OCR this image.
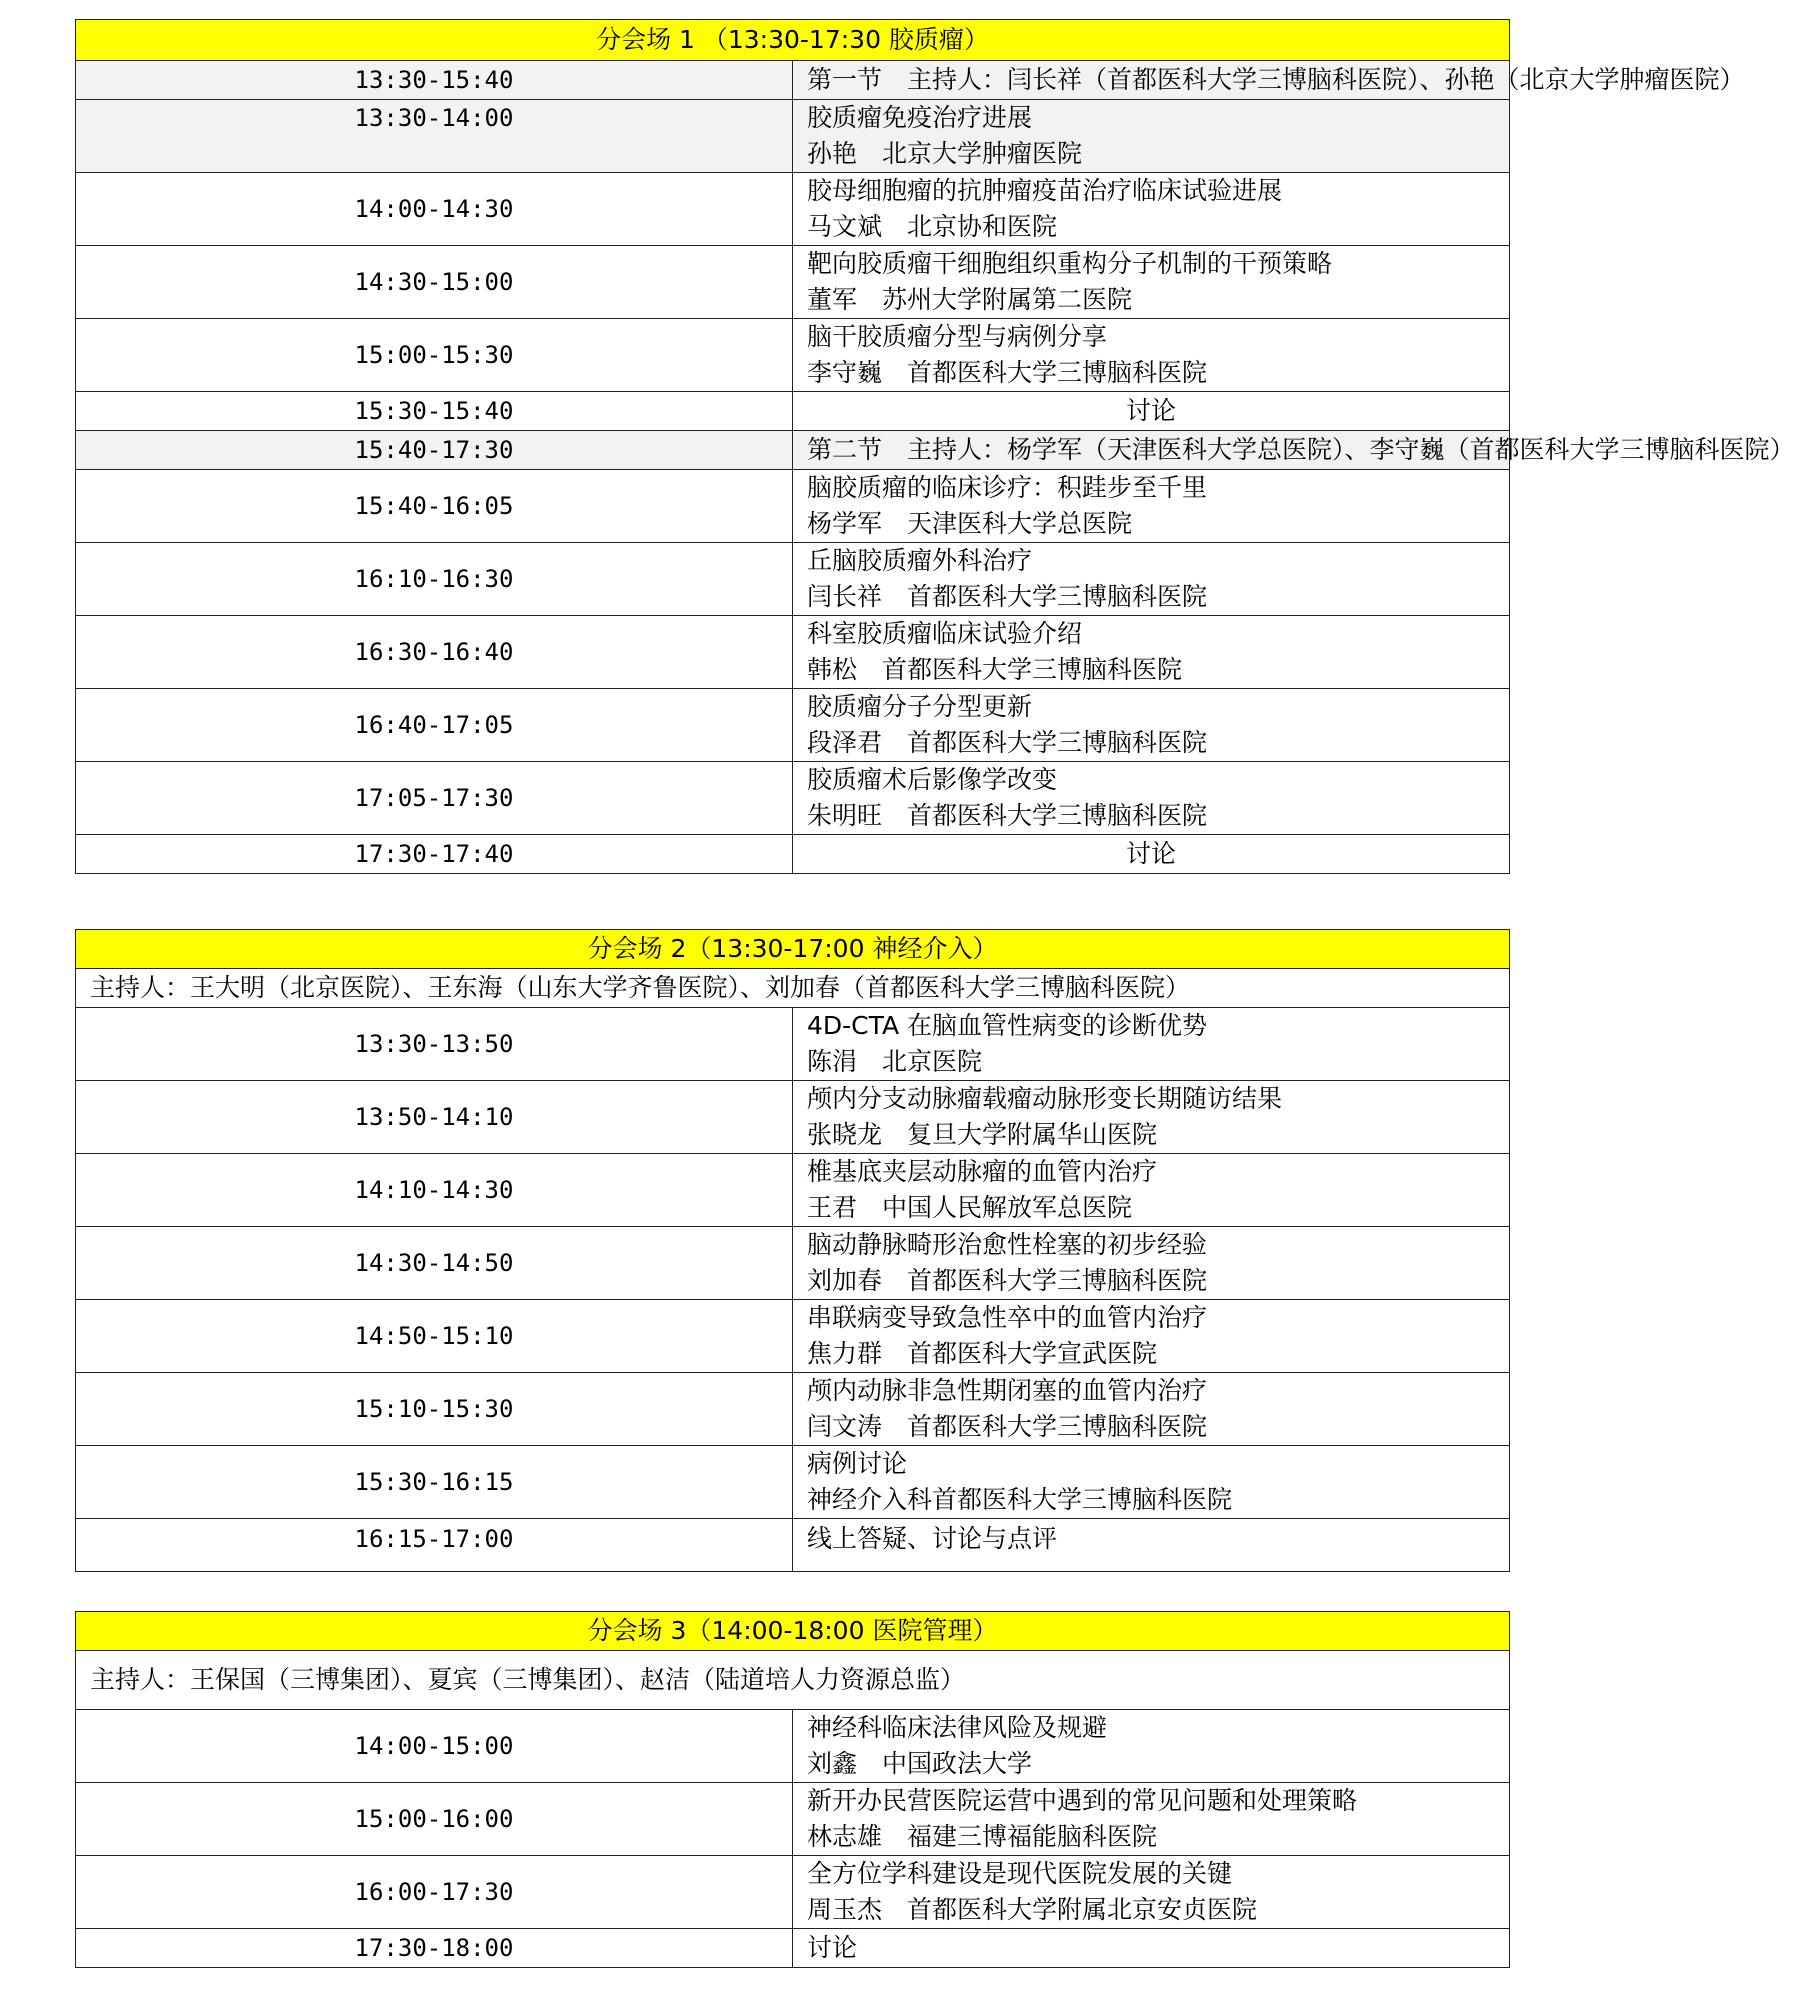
分会场 1 （13:30-17:30 胶质瘤）	
13:30-15:40	第一节　主持人：闫长祥（首都医科大学三博脑科医院）、孙艳（北京大学肿瘤医院）
13:30-14:00	胶质瘤免疫治疗进展
孙艳　北京大学肿瘤医院

14:00-14:30	胶母细胞瘤的抗肿瘤疫苗治疗临床试验进展
马文斌　北京协和医院

14:30-15:00	靶向胶质瘤干细胞组织重构分子机制的干预策略
董军　苏州大学附属第二医院

15:00-15:30	脑干胶质瘤分型与病例分享
李守巍　首都医科大学三博脑科医院

15:30-15:40	讨论
15:40-17:30	第二节　主持人：杨学军（天津医科大学总医院）、李守巍（首都医科大学三博脑科医院）
15:40-16:05	脑胶质瘤的临床诊疗：积跬步至千里
杨学军　天津医科大学总医院

16:10-16:30	丘脑胶质瘤外科治疗
闫长祥　首都医科大学三博脑科医院

16:30-16:40	科室胶质瘤临床试验介绍
韩松　首都医科大学三博脑科医院

16:40-17:05	胶质瘤分子分型更新
段泽君　首都医科大学三博脑科医院

17:05-17:30	胶质瘤术后影像学改变
朱明旺　首都医科大学三博脑科医院

17:30-17:40	讨论
分会场 2（13:30-17:00 神经介入）	
主持人：王大明（北京医院）、王东海（山东大学齐鲁医院）、刘加春（首都医科大学三博脑科医院）	
13:30-13:50	4D-CTA 在脑血管性病变的诊断优势
陈涓　北京医院

13:50-14:10	颅内分支动脉瘤载瘤动脉形变长期随访结果
张晓龙　复旦大学附属华山医院

14:10-14:30	椎基底夹层动脉瘤的血管内治疗
王君　中国人民解放军总医院

14:30-14:50	脑动静脉畸形治愈性栓塞的初步经验
刘加春　首都医科大学三博脑科医院

14:50-15:10	串联病变导致急性卒中的血管内治疗
焦力群　首都医科大学宣武医院

15:10-15:30	颅内动脉非急性期闭塞的血管内治疗
闫文涛　首都医科大学三博脑科医院

15:30-16:15	病例讨论
神经介入科首都医科大学三博脑科医院

16:15-17:00	线上答疑、讨论与点评
分会场 3（14:00-18:00 医院管理）	
主持人：王保国（三博集团）、夏宾（三博集团）、赵洁（陆道培人力资源总监）	
14:00-15:00	神经科临床法律风险及规避
刘鑫　中国政法大学

15:00-16:00	新开办民营医院运营中遇到的常见问题和处理策略
林志雄　福建三博福能脑科医院

16:00-17:30	全方位学科建设是现代医院发展的关键
周玉杰　首都医科大学附属北京安贞医院

17:30-18:00	讨论
